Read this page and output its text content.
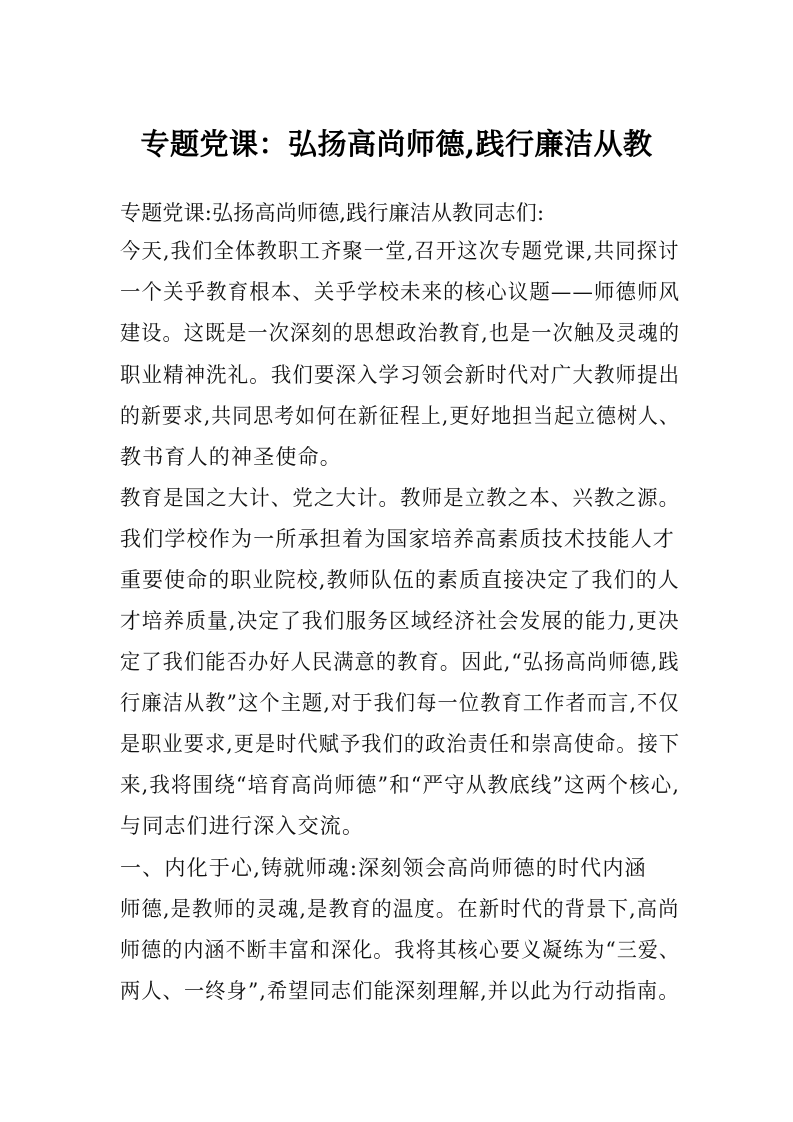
专题党课：弘扬高尚师德,践行廉洁从教

专题党课:弘扬高尚师德,践行廉洁从教同志们:

今天,我们全体教职工齐聚一堂,召开这次专题党课,共同探讨

一个关乎教育根本、关乎学校未来的核心议题——师德师风

建设。这既是一次深刻的思想政治教育,也是一次触及灵魂的

职业精神洗礼。我们要深入学习领会新时代对广大教师提出

的新要求,共同思考如何在新征程上,更好地担当起立德树人、

教书育人的神圣使命。

教育是国之大计、党之大计。教师是立教之本、兴教之源。

我们学校作为一所承担着为国家培养高素质技术技能人才

重要使命的职业院校,教师队伍的素质直接决定了我们的人

才培养质量,决定了我们服务区域经济社会发展的能力,更决

定了我们能否办好人民满意的教育。因此,“弘扬高尚师德,践

行廉洁从教”这个主题,对于我们每一位教育工作者而言,不仅

是职业要求,更是时代赋予我们的政治责任和崇高使命。接下

来,我将围绕“培育高尚师德”和“严守从教底线”这两个核心,

与同志们进行深入交流。

一、内化于心,铸就师魂:深刻领会高尚师德的时代内涵

师德,是教师的灵魂,是教育的温度。在新时代的背景下,高尚

师德的内涵不断丰富和深化。我将其核心要义凝练为“三爱、

两人、一终身”,希望同志们能深刻理解,并以此为行动指南。
